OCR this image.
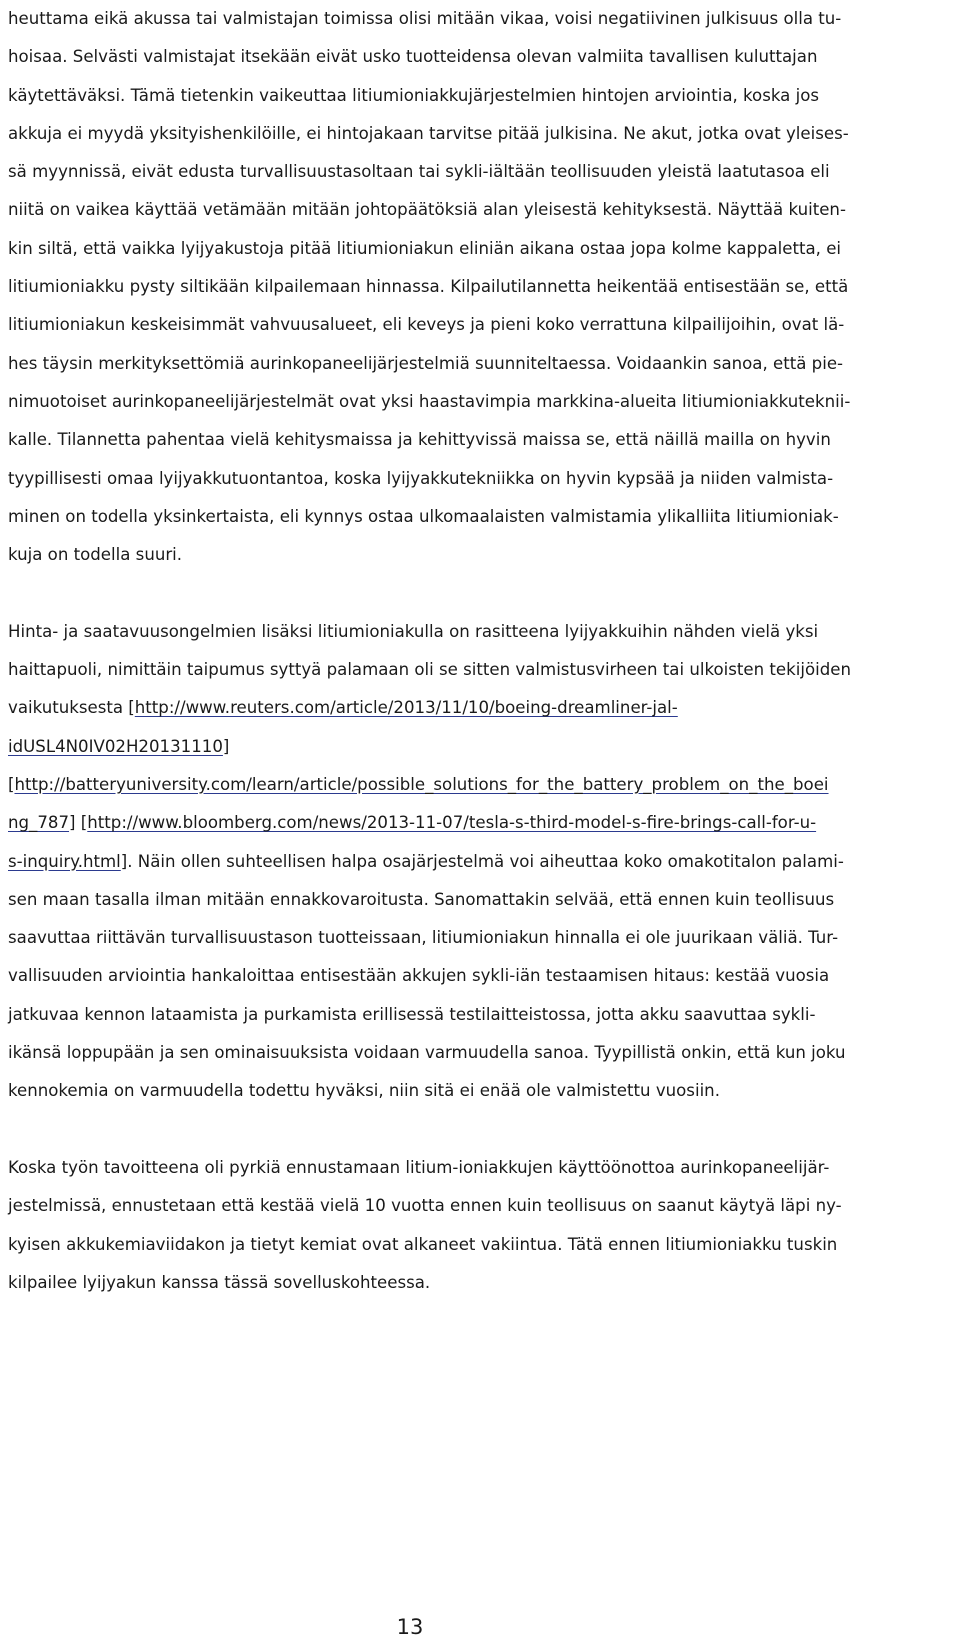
heuttama eikä akussa tai valmistajan toimissa olisi mitään vikaa, voisi negatiivinen julkisuus olla tu-
hoisaa. Selvästi valmistajat itsekään eivät usko tuotteidensa olevan valmiita tavallisen kuluttajan
käytettäväksi. Tämä tietenkin vaikeuttaa litiumioniakkujärjestelmien hintojen arviointia, koska jos
akkuja ei myydä yksityishenkilöille, ei hintojakaan tarvitse pitää julkisina. Ne akut, jotka ovat yleises-
sä myynnissä, eivät edusta turvallisuustasoltaan tai sykli-iältään teollisuuden yleistä laatutasoa eli
niitä on vaikea käyttää vetämään mitään johtopäätöksiä alan yleisestä kehityksestä. Näyttää kuiten-
kin siltä, että vaikka lyijyakustoja pitää litiumioniakun eliniän aikana ostaa jopa kolme kappaletta, ei
litiumioniakku pysty siltikään kilpailemaan hinnassa. Kilpailutilannetta heikentää entisestään se, että
litiumioniakun keskeisimmät vahvuusalueet, eli keveys ja pieni koko verrattuna kilpailijoihin, ovat lä-
hes täysin merkityksettömiä aurinkopaneelijärjestelmiä suunniteltaessa. Voidaankin sanoa, että pie-
nimuotoiset aurinkopaneelijärjestelmät ovat yksi haastavimpia markkina-alueita litiumioniakkuteknii-
kalle. Tilannetta pahentaa vielä kehitysmaissa ja kehittyvissä maissa se, että näillä mailla on hyvin
tyypillisesti omaa lyijyakkutuontantoa, koska lyijyakkutekniikka on hyvin kypsää ja niiden valmista-
minen on todella yksinkertaista, eli kynnys ostaa ulkomaalaisten valmistamia ylikalliita litiumioniak-
kuja on todella suuri.
Hinta- ja saatavuusongelmien lisäksi litiumioniakulla on rasitteena lyijyakkuihin nähden vielä yksi
haittapuoli, nimittäin taipumus syttyä palamaan oli se sitten valmistusvirheen tai ulkoisten tekijöiden
vaikutuksesta [http://www.reuters.com/article/2013/11/10/boeing-dreamliner-jal-
idUSL4N0IV02H20131110]
[http://batteryuniversity.com/learn/article/possible_solutions_for_the_battery_problem_on_the_boei
ng_787] [http://www.bloomberg.com/news/2013-11-07/tesla-s-third-model-s-fire-brings-call-for-u-
s-inquiry.html]. Näin ollen suhteellisen halpa osajärjestelmä voi aiheuttaa koko omakotitalon palami-
sen maan tasalla ilman mitään ennakkovaroitusta. Sanomattakin selvää, että ennen kuin teollisuus
saavuttaa riittävän turvallisuustason tuotteissaan, litiumioniakun hinnalla ei ole juurikaan väliä. Tur-
vallisuuden arviointia hankaloittaa entisestään akkujen sykli-iän testaamisen hitaus: kestää vuosia
jatkuvaa kennon lataamista ja purkamista erillisessä testilaitteistossa, jotta akku saavuttaa sykli-
ikänsä loppupään ja sen ominaisuuksista voidaan varmuudella sanoa. Tyypillistä onkin, että kun joku
kennokemia on varmuudella todettu hyväksi, niin sitä ei enää ole valmistettu vuosiin.
Koska työn tavoitteena oli pyrkiä ennustamaan litium-ioniakkujen käyttöönottoa aurinkopaneelijär-
jestelmissä, ennustetaan että kestää vielä 10 vuotta ennen kuin teollisuus on saanut käytyä läpi ny-
kyisen akkukemiaviidakon ja tietyt kemiat ovat alkaneet vakiintua. Tätä ennen litiumioniakku tuskin
kilpailee lyijyakun kanssa tässä sovelluskohteessa.
13
